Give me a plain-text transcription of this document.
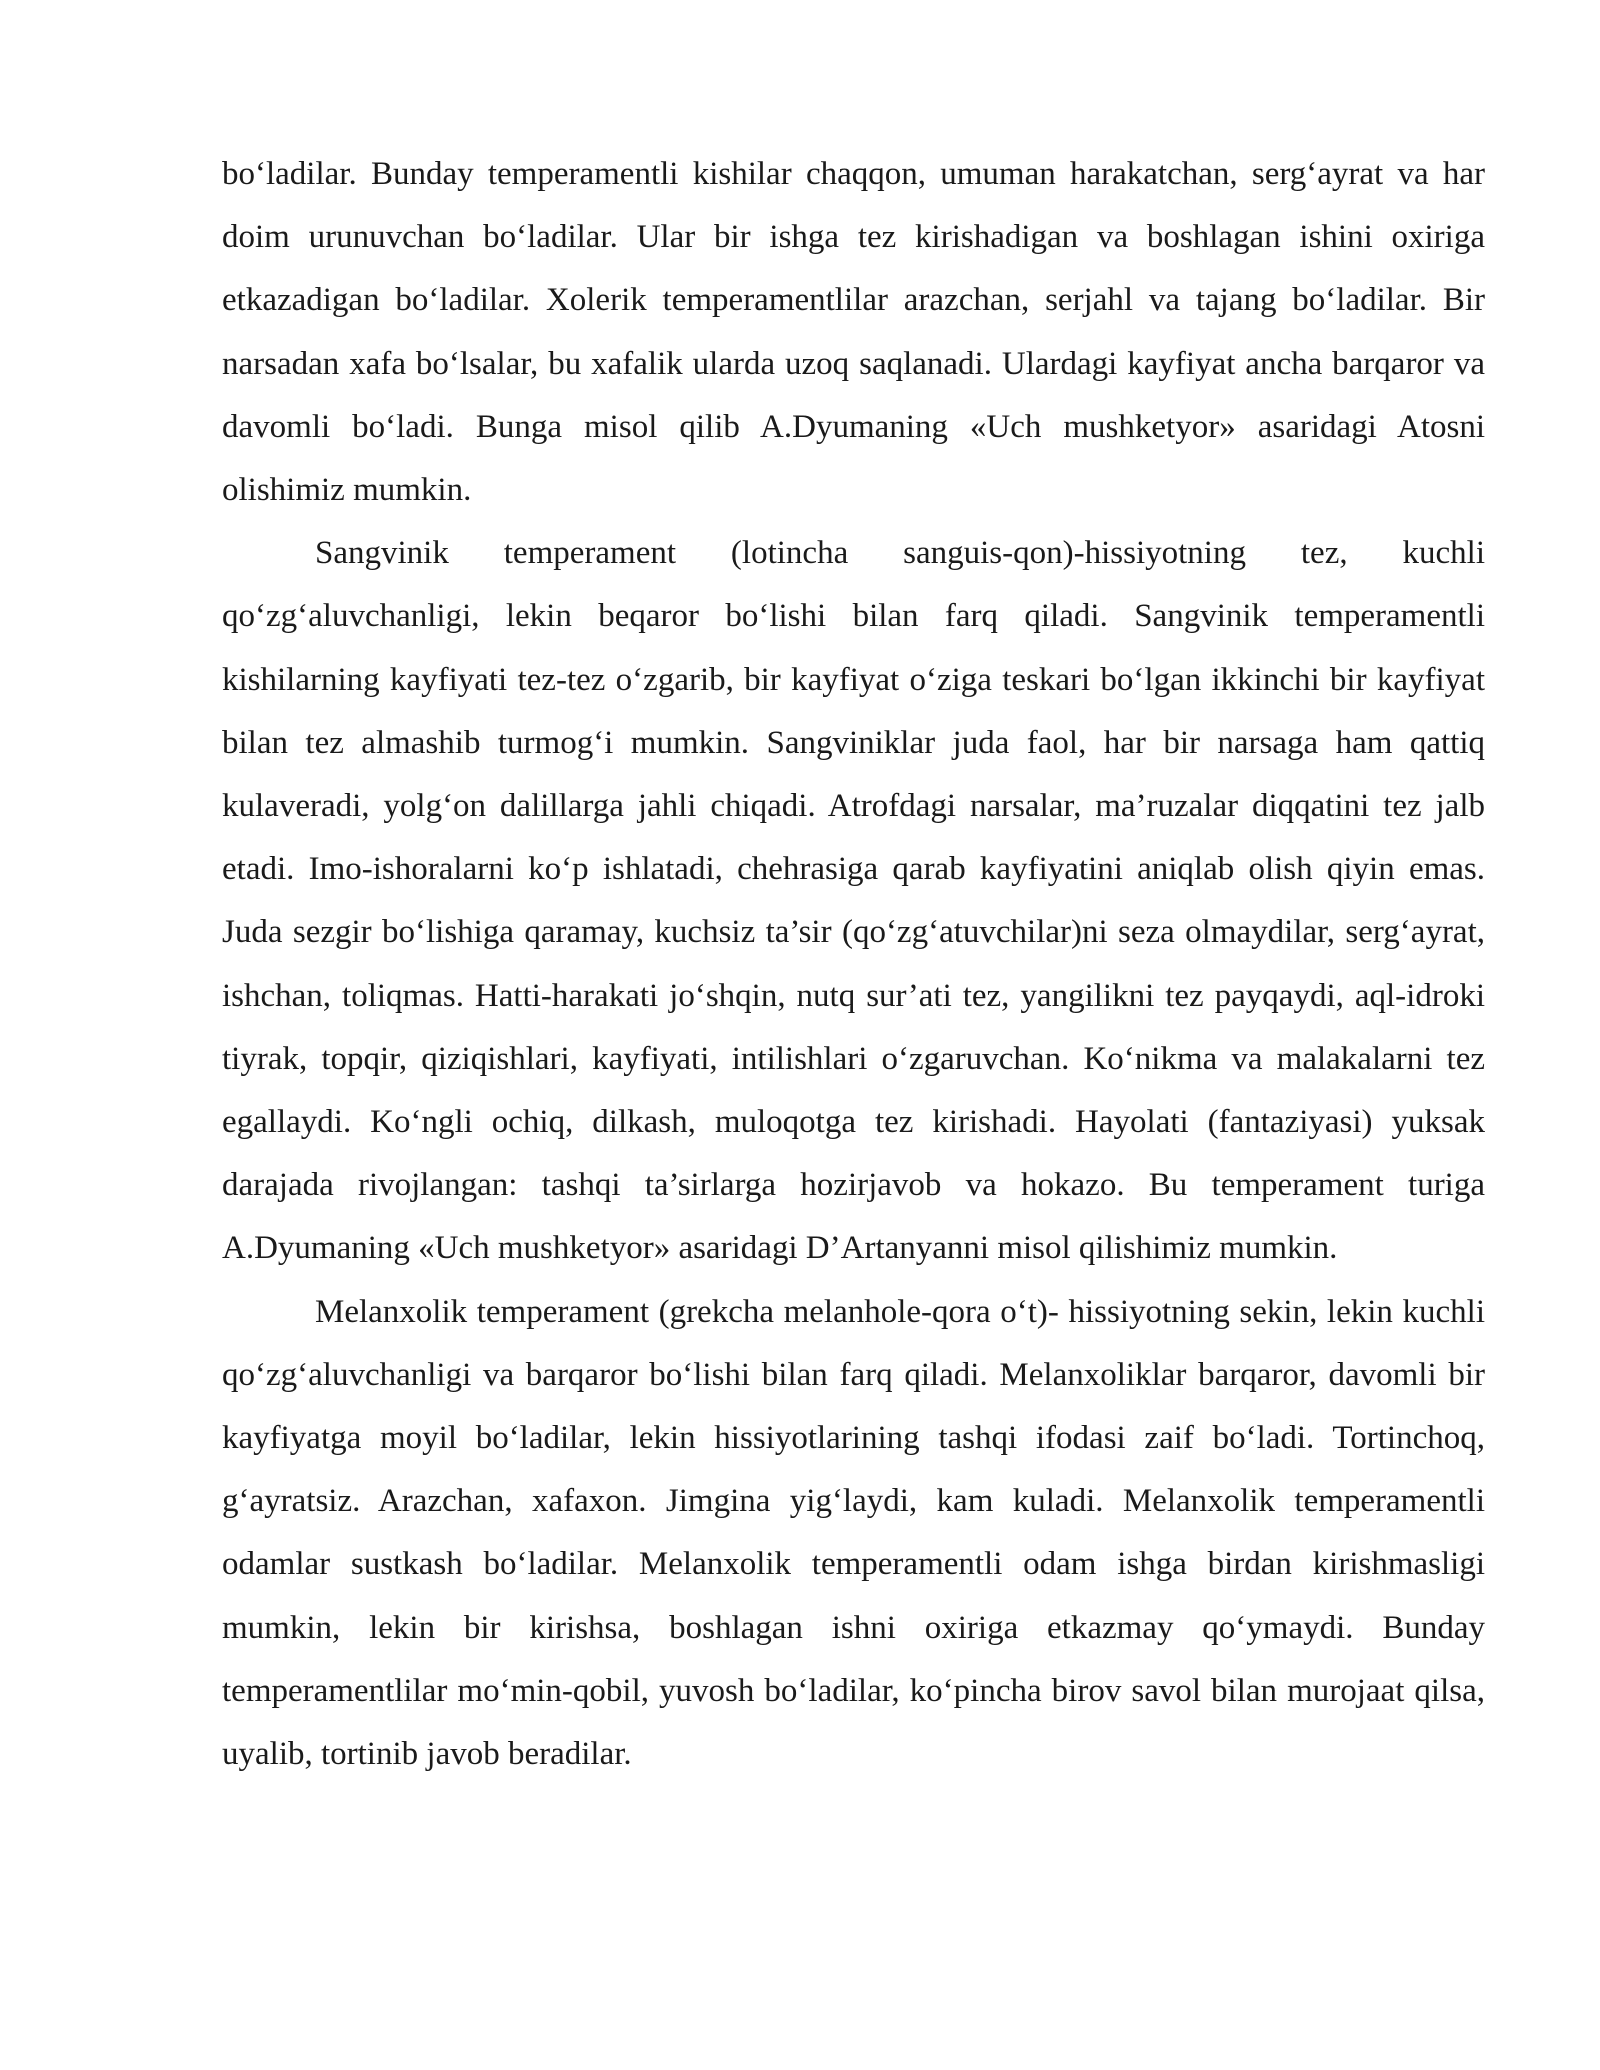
bo‘ladilar. Bunday temperamentli kishilar chaqqon, umuman harakatchan, serg‘ayrat va har doim urunuvchan bo‘ladilar. Ular bir ishga tez kirishadigan va boshlagan ishini oxiriga etkazadigan bo‘ladilar. Xolerik temperamentlilar arazchan, serjahl va tajang bo‘ladilar. Bir narsadan xafa bo‘lsalar, bu xafalik ularda uzoq saqlanadi. Ulardagi kayfiyat ancha barqaror va davomli bo‘ladi. Bunga misol qilib A.Dyumaning «Uch mushketyor» asaridagi Atosni olishimiz mumkin.

Sangvinik temperament (lotincha sanguis-qon)-hissiyotning tez, kuchli qo‘zg‘aluvchanligi, lekin beqaror bo‘lishi bilan farq qiladi. Sangvinik temperamentli kishilarning kayfiyati tez-tez o‘zgarib, bir kayfiyat o‘ziga teskari bo‘lgan ikkinchi bir kayfiyat bilan tez almashib turmog‘i mumkin. Sangviniklar juda faol, har bir narsaga ham qattiq kulaveradi, yolg‘on dalillarga jahli chiqadi. Atrofdagi narsalar, ma’ruzalar diqqatini tez jalb etadi. Imo-ishoralarni ko‘p ishlatadi, chehrasiga qarab kayfiyatini aniqlab olish qiyin emas. Juda sezgir bo‘lishiga qaramay, kuchsiz ta’sir (qo‘zg‘atuvchilar)ni seza olmaydilar, serg‘ayrat, ishchan, toliqmas. Hatti-harakati jo‘shqin, nutq sur’ati tez, yangilikni tez payqaydi, aql-idroki tiyrak, topqir, qiziqishlari, kayfiyati, intilishlari o‘zgaruvchan. Ko‘nikma va malakalarni tez egallaydi. Ko‘ngli ochiq, dilkash, muloqotga tez kirishadi. Hayolati (fantaziyasi) yuksak darajada rivojlangan: tashqi ta’sirlarga hozirjavob va hokazo. Bu temperament turiga A.Dyumaning «Uch mushketyor» asaridagi D’Artanyanni misol qilishimiz mumkin.

Melanxolik temperament (grekcha melanhole-qora o‘t)- hissiyotning sekin, lekin kuchli qo‘zg‘aluvchanligi va barqaror bo‘lishi bilan farq qiladi. Melanxoliklar barqaror, davomli bir kayfiyatga moyil bo‘ladilar, lekin hissiyotlarining tashqi ifodasi zaif bo‘ladi. Tortinchoq, g‘ayratsiz. Arazchan, xafaxon. Jimgina yig‘laydi, kam kuladi. Melanxolik temperamentli odamlar sustkash bo‘ladilar. Melanxolik temperamentli odam ishga birdan kirishmasligi mumkin, lekin bir kirishsa, boshlagan ishni oxiriga etkazmay qo‘ymaydi. Bunday temperamentlilar mo‘min-qobil, yuvosh bo‘ladilar, ko‘pincha birov savol bilan murojaat qilsa, uyalib, tortinib javob beradilar.
